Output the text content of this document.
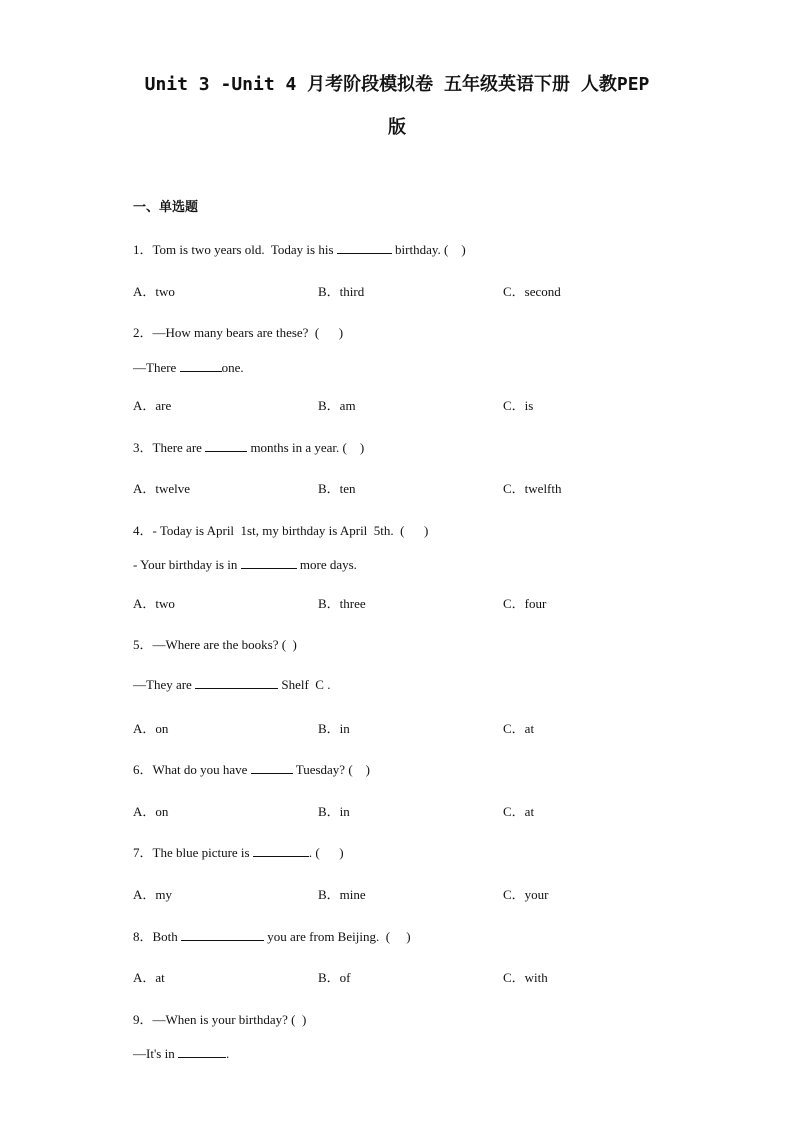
Unit 3 -Unit 4 月考阶段模拟卷 五年级英语下册 人教PEP
版
一、单选题
1．Tom is two years old.  Today is his	birthday. (    )
A．two	B．third	C．second
2．—How many bears are these?  (      )
—There	one.
A．are	B．am	C．is
3．There are	months in a year. (    )
A．twelve	B．ten	C．twelfth
4．- Today is April  1st, my birthday is April  5th.  (      )
- Your birthday is in	more days.
A．two	B．three	C．four
5．—Where are the books? (  )
—They are	Shelf  C .
A．on	B．in	C．at
6．What do you have	Tuesday? (    )
A．on	B．in	C．at
7．The blue picture is	. (      )
A．my	B．mine	C．your
8．Both	you are from Beijing.  (     )
A．at	B．of	C．with
9．—When is your birthday? (  )
—It's in	.
